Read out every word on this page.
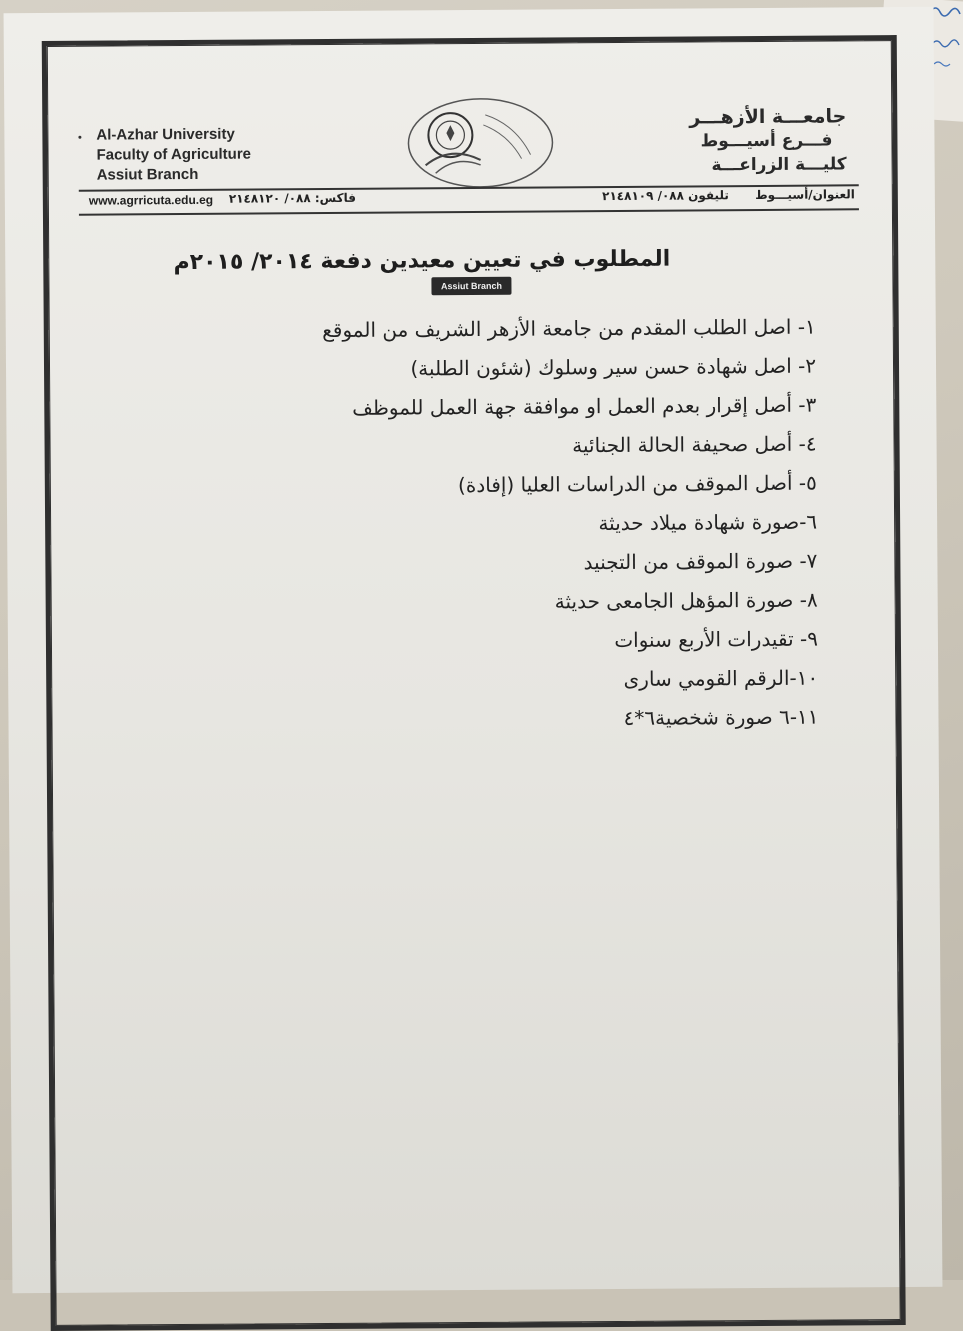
Al-Azhar University
Faculty of Agriculture
Assiut Branch
جامعـــة الأزهـــر
فـــرع أسيـــوط
كليـــة الزراعـــة
www.agrricuta.edu.eg فاكس: ٠٨٨/ ٢١٤٨١٢٠
Assiut Branch
تليفون ٠٨٨/ ٢١٤٨١٠٩ العنوان/أسيـــوط
المطلوب في تعيين معيدين دفعة ٢٠١٤/ ٢٠١٥م
١- اصل الطلب المقدم من جامعة الأزهر الشريف من الموقع
٢- اصل شهادة حسن سير وسلوك (شئون الطلبة)
٣- أصل إقرار بعدم العمل او موافقة جهة العمل للموظف
٤- أصل صحيفة الحالة الجنائية
٥- أصل الموقف من الدراسات العليا (إفادة)
٦-صورة شهادة ميلاد حديثة
٧- صورة الموقف من التجنيد
٨- صورة المؤهل الجامعى حديثة
٩- تقيدرات الأربع سنوات
١٠-الرقم القومي سارى
١١-٦ صورة شخصية٦*٤
